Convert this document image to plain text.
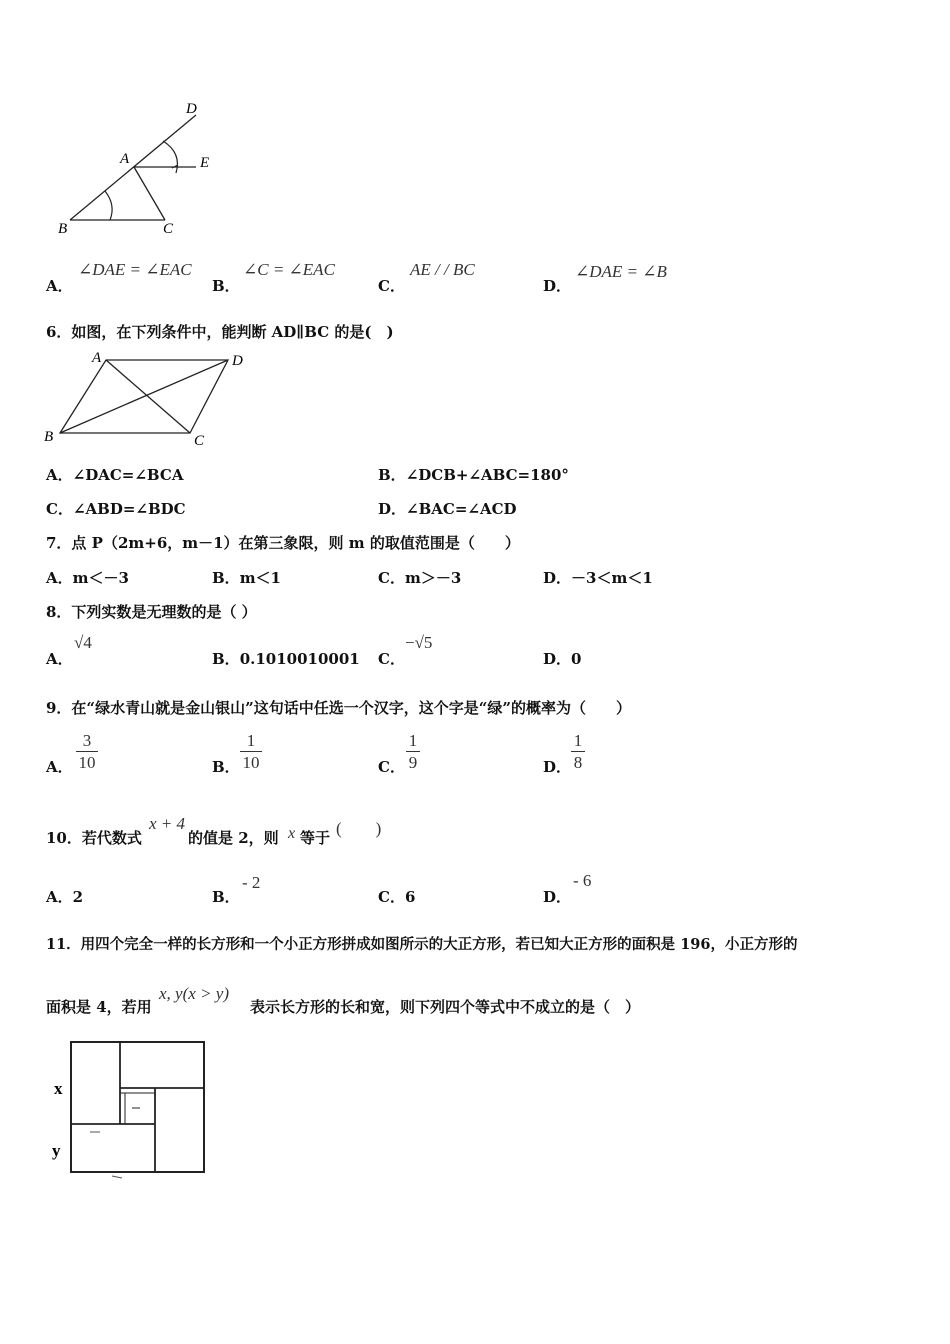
D
A	E
B	C
A．
∠DAE = ∠EAC
B．
∠C = ∠EAC
C．
AE / / BC
D．
∠DAE = ∠B
6．如图，在下列条件中，能判断 AD∥BC 的是(　)
A	D
B	C
A．∠DAC=∠BCA	B．∠DCB+∠ABC=180°
C．∠ABD=∠BDC	D．∠BAC=∠ACD
7．点 P（2m+6，m－1）在第三象限，则 m 的取值范围是（　　）
A．m＜－3	B．m＜1	C．m＞－3	D．－3＜m＜1
8．下列实数是无理数的是（ ）
A．
√4
B．0.1010010001 C．
−√5
D．0
9．在“绿水青山就是金山银山”这句话中任选一个汉字，这个字是“绿”的概率为（　　）
A． $\frac{3}{10}$	B． $\frac{1}{10}$	C． $\frac{1}{9}$	D． $\frac{1}{8}$
10．若代数式
x + 4
的值是 2，则 x 等于 (　　)
A．2	B．
- 2
C．6	D．
- 6
11．用四个完全一样的长方形和一个小正方形拼成如图所示的大正方形，若已知大正方形的面积是 196，小正方形的
面积是 4，若用
x, y(x > y)
表示长方形的长和宽，则下列四个等式中不成立的是（　）
x
y
